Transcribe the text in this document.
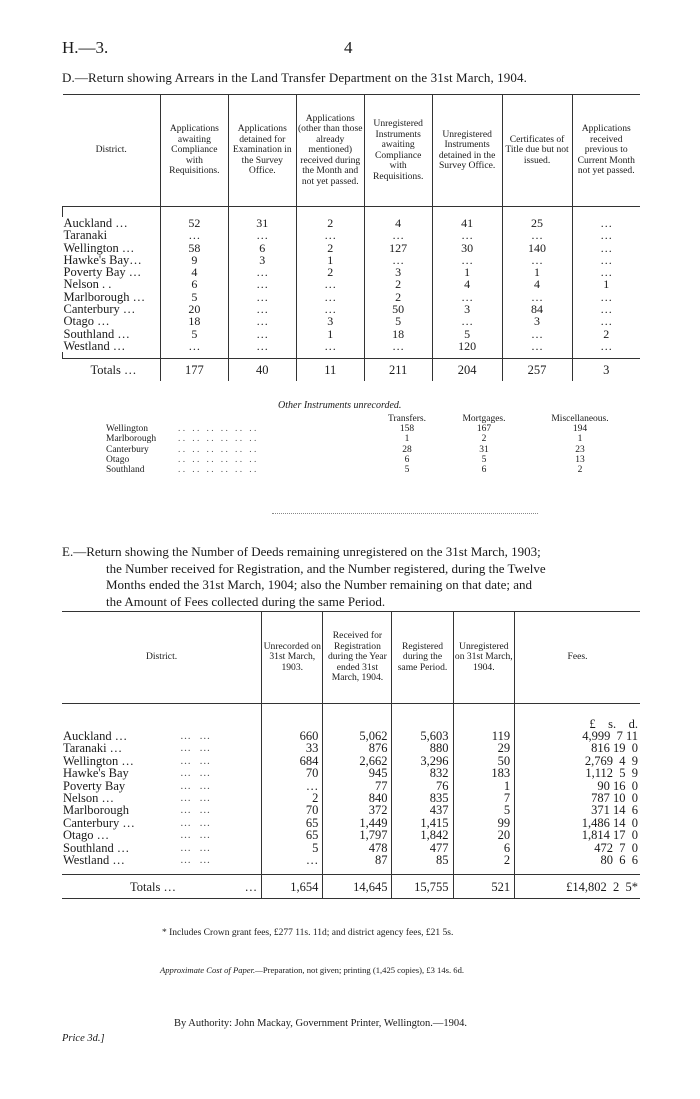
H.—3.	4
D.—Return showing Arrears in the Land Transfer Department on the 31st March, 1904.
District.	Applications awaiting Compliance with Requisitions.	Applications detained for Examination in the Survey Office.	Applications (other than those already mentioned) received during the Month and not yet passed.	Unregistered Instruments awaiting Compliance with Requisitions.	Unregistered Instruments detained in the Survey Office.	Certificates of Title due but not issued.	Applications received previous to Current Month not yet passed.

Auckland …	52	31	2	4	41	25	…
Taranaki	…	…	…	…	…	…	…
Wellington …	58	6	2	127	30	140	…
Hawke's Bay…	9	3	1	…	…	…	…
Poverty Bay …	4	…	2	3	1	1	…
Nelson . .	6	…	…	2	4	4	1
Marlborough …	5	…	…	2	…	…	…
Canterbury …	20	…	…	50	3	84	…
Otago …	18	…	3	5	…	3	…
Southland …	5	…	1	18	5	…	2
Westland …	…	…	…	…	120	…	…

Totals …	177	40	11	211	204	257	3
Other Instruments unrecorded.
		Transfers.	Mortgages.	Miscellaneous.
Wellington	. .   . .   . .   . .   . .   . .	158	167	194
Marlborough	. .   . .   . .   . .   . .   . .	1	2	1
Canterbury	. .   . .   . .   . .   . .   . .	28	31	23
Otago	. .   . .   . .   . .   . .   . .	6	5	13
Southland	. .   . .   . .   . .   . .   . .	5	6	2
E.—Return showing the Number of Deeds remaining unregistered on the 31st March, 1903;
the Number received for Registration, and the Number registered, during the Twelve
Months ended the 31st March, 1904; also the Number remaining on that date; and
the Amount of Fees collected during the same Period.
District.		Unrecorded on 31st March, 1903.	Received for Registration during the Year ended 31st March, 1904.	Registered during the same Period.	Unregistered on 31st March, 1904.	Fees.
						£    s.    d.
Auckland …	…   …	660	5,062	5,603	119	4,999  7 11
Taranaki …	…   …	33	876	880	29	816 19  0
Wellington …	…   …	684	2,662	3,296	50	2,769  4  9
Hawke's Bay	…   …	70	945	832	183	1,112  5  9
Poverty Bay	…   …	…	77	76	1	90 16  0
Nelson …	…   …	2	840	835	7	787 10  0
Marlborough	…   …	70	372	437	5	371 14  6
Canterbury …	…   …	65	1,449	1,415	99	1,486 14  0
Otago …	…   …	65	1,797	1,842	20	1,814 17  0
Southland …	…   …	5	478	477	6	472  7  0
Westland …	…   …	…	87	85	2	80  6  6

Totals …	…	1,654	14,645	15,755	521	£14,802  2  5*
* Includes Crown grant fees, £277 11s. 11d; and district agency fees, £21 5s.
Approximate Cost of Paper.—Preparation, not given; printing (1,425 copies), £3 14s. 6d.
By Authority: John Mackay, Government Printer, Wellington.—1904.
Price 3d.]
